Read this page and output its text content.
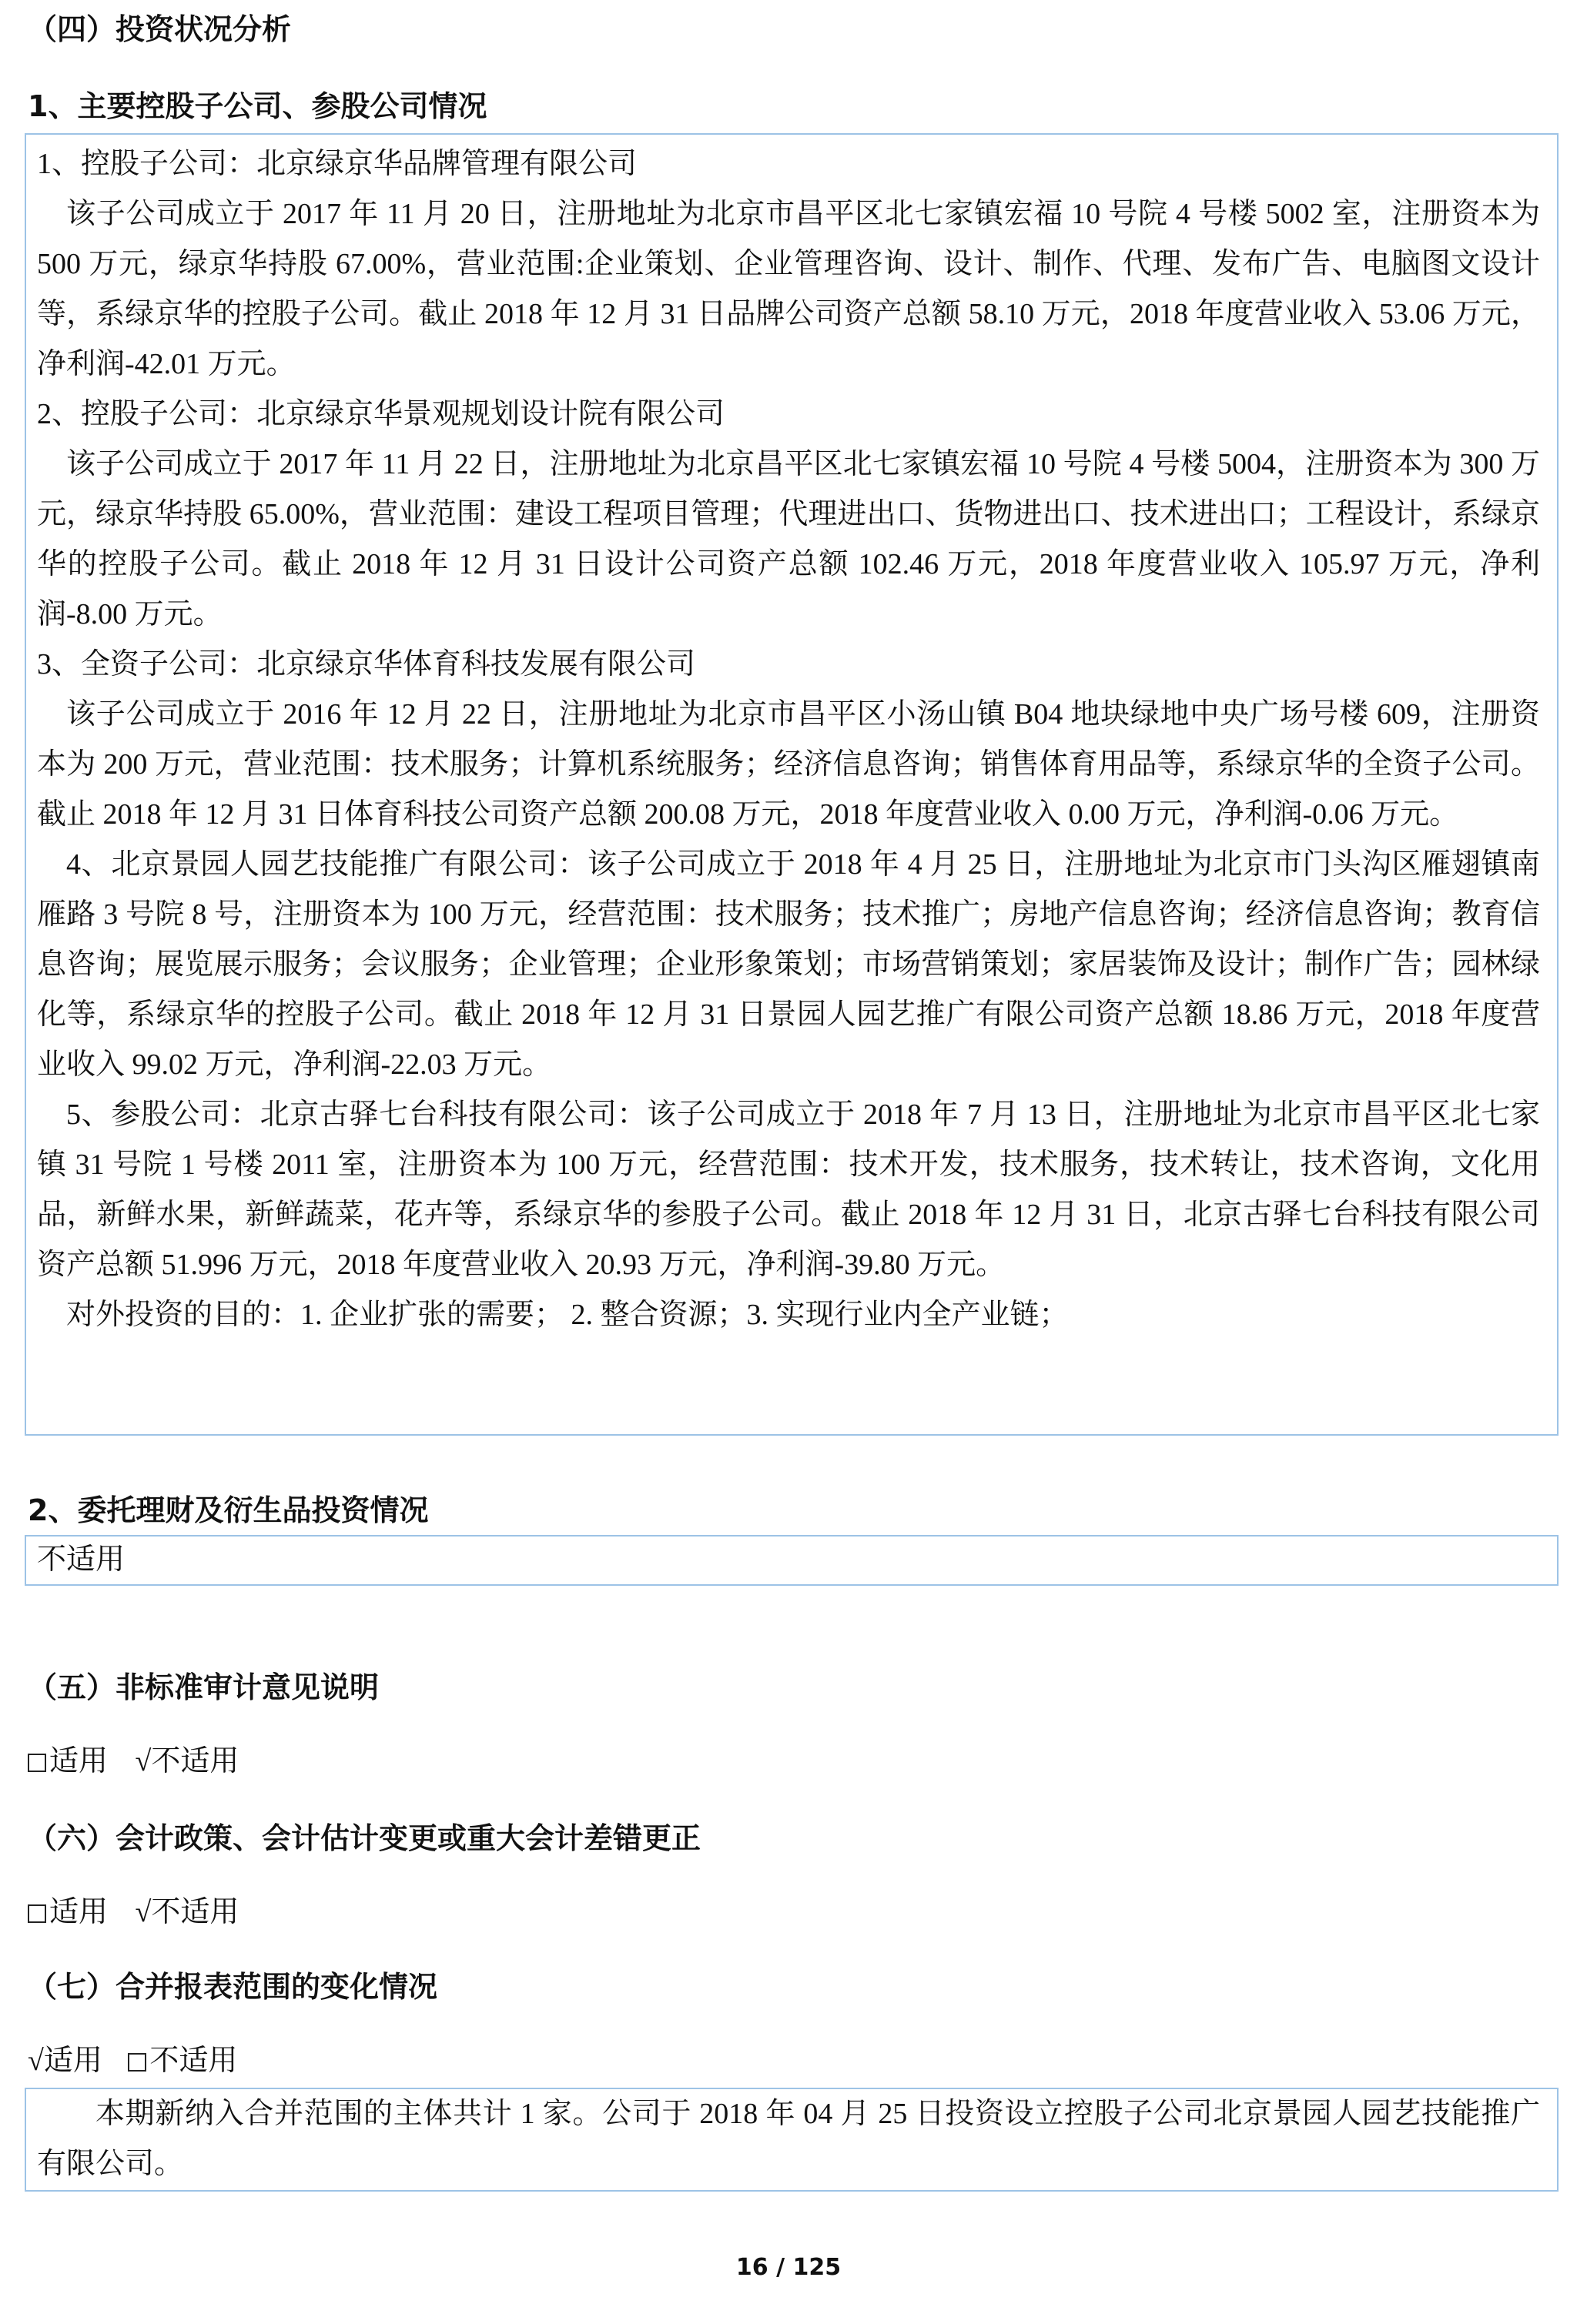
（四）投资状况分析
1、主要控股子公司、参股公司情况

1、控股子公司：北京绿京华品牌管理有限公司

该子公司成立于 2017 年 11 月 20 日，注册地址为北京市昌平区北七家镇宏福 10 号院 4 号楼 5002 室，注册资本为 500 万元，绿京华持股 67.00%，营业范围:企业策划、企业管理咨询、设计、制作、代理、发布广告、电脑图文设计等，系绿京华的控股子公司。截止 2018 年 12 月 31 日品牌公司资产总额 58.10 万元，2018 年度营业收入 53.06 万元，净利润-42.01 万元。

2、控股子公司：北京绿京华景观规划设计院有限公司

该子公司成立于 2017 年 11 月 22 日，注册地址为北京昌平区北七家镇宏福 10 号院 4 号楼 5004，注册资本为 300 万元，绿京华持股 65.00%，营业范围：建设工程项目管理；代理进出口、货物进出口、技术进出口；工程设计，系绿京华的控股子公司。截止 2018 年 12 月 31 日设计公司资产总额 102.46 万元，2018 年度营业收入 105.97 万元，净利润-8.00 万元。

3、全资子公司：北京绿京华体育科技发展有限公司

该子公司成立于 2016 年 12 月 22 日，注册地址为北京市昌平区小汤山镇 B04 地块绿地中央广场号楼 609，注册资本为 200 万元，营业范围：技术服务；计算机系统服务；经济信息咨询；销售体育用品等，系绿京华的全资子公司。截止 2018 年 12 月 31 日体育科技公司资产总额 200.08 万元，2018 年度营业收入 0.00 万元，净利润-0.06 万元。

4、北京景园人园艺技能推广有限公司：该子公司成立于 2018 年 4 月 25 日，注册地址为北京市门头沟区雁翅镇南雁路 3 号院 8 号，注册资本为 100 万元，经营范围：技术服务；技术推广；房地产信息咨询；经济信息咨询；教育信息咨询；展览展示服务；会议服务；企业管理；企业形象策划；市场营销策划；家居装饰及设计；制作广告；园林绿化等，系绿京华的控股子公司。截止 2018 年 12 月 31 日景园人园艺推广有限公司资产总额 18.86 万元，2018 年度营业收入 99.02 万元，净利润-22.03 万元。

5、参股公司：北京古驿七台科技有限公司：该子公司成立于 2018 年 7 月 13 日，注册地址为北京市昌平区北七家镇 31 号院 1 号楼 2011 室，注册资本为 100 万元，经营范围：技术开发，技术服务，技术转让，技术咨询，文化用品，新鲜水果，新鲜蔬菜，花卉等，系绿京华的参股子公司。截止 2018 年 12 月 31 日，北京古驿七台科技有限公司资产总额 51.996 万元，2018 年度营业收入 20.93 万元，净利润-39.80 万元。

对外投资的目的：1. 企业扩张的需要； 2. 整合资源；3. 实现行业内全产业链；

2、委托理财及衍生品投资情况

不适用

（五）非标准审计意见说明
适用 √不适用
（六）会计政策、会计估计变更或重大会计差错更正
适用 √不适用
（七）合并报表范围的变化情况
√适用 不适用

本期新纳入合并范围的主体共计 1 家。公司于 2018 年 04 月 25 日投资设立控股子公司北京景园人园艺技能推广有限公司。

16 / 125
